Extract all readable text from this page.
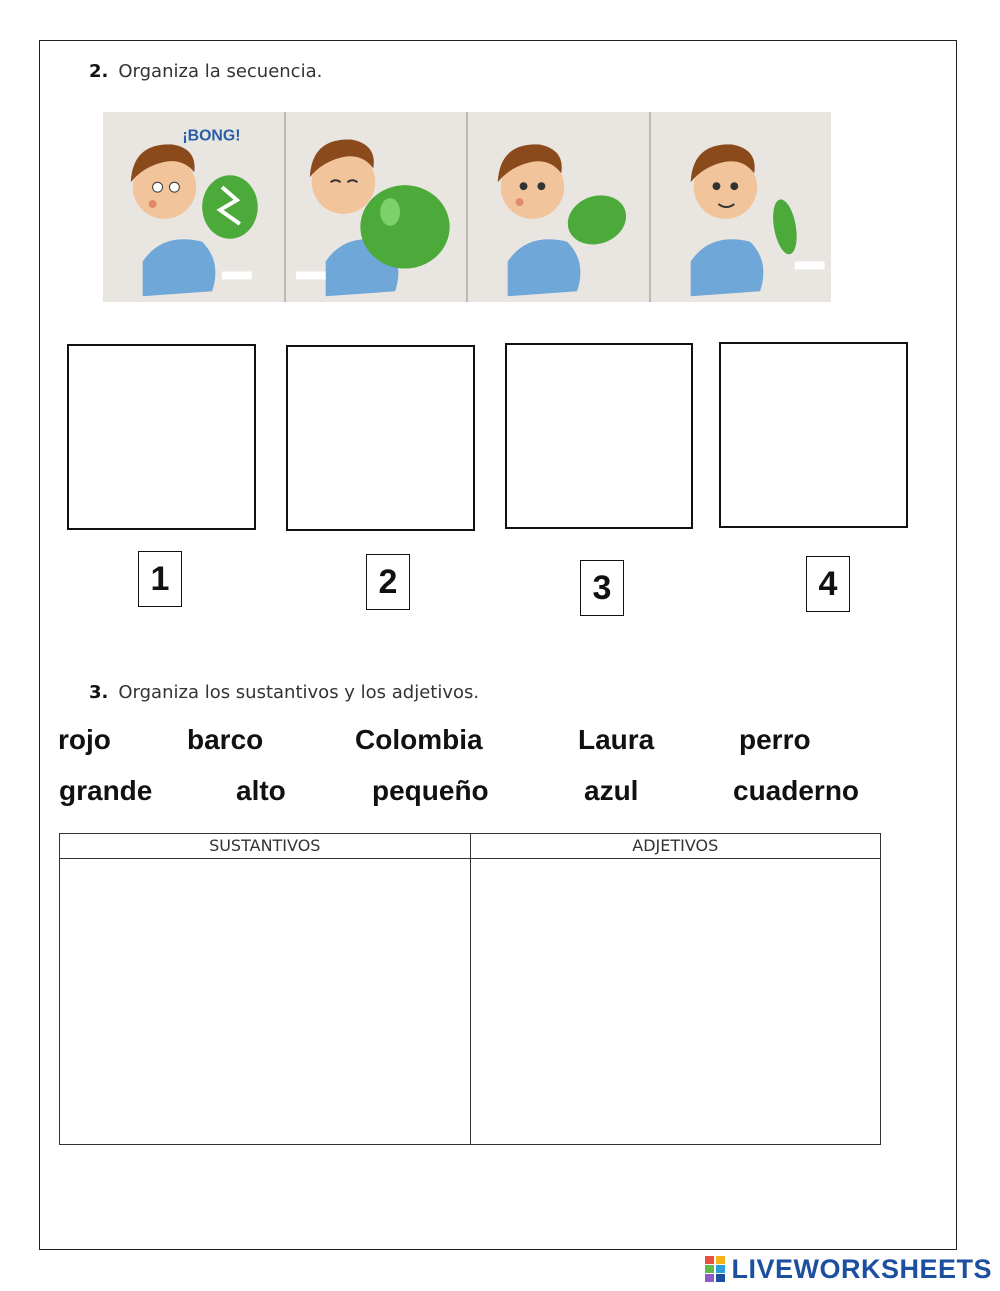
2. Organiza la secuencia.
¡BONG!
1	2	3	4
3. Organiza los sustantivos y los adjetivos.
rojo	barco	Colombia	Laura	perro
grande	alto	pequeño	azul	cuaderno
SUSTANTIVOS	ADJETIVOS
LIVEWORKSHEETS
